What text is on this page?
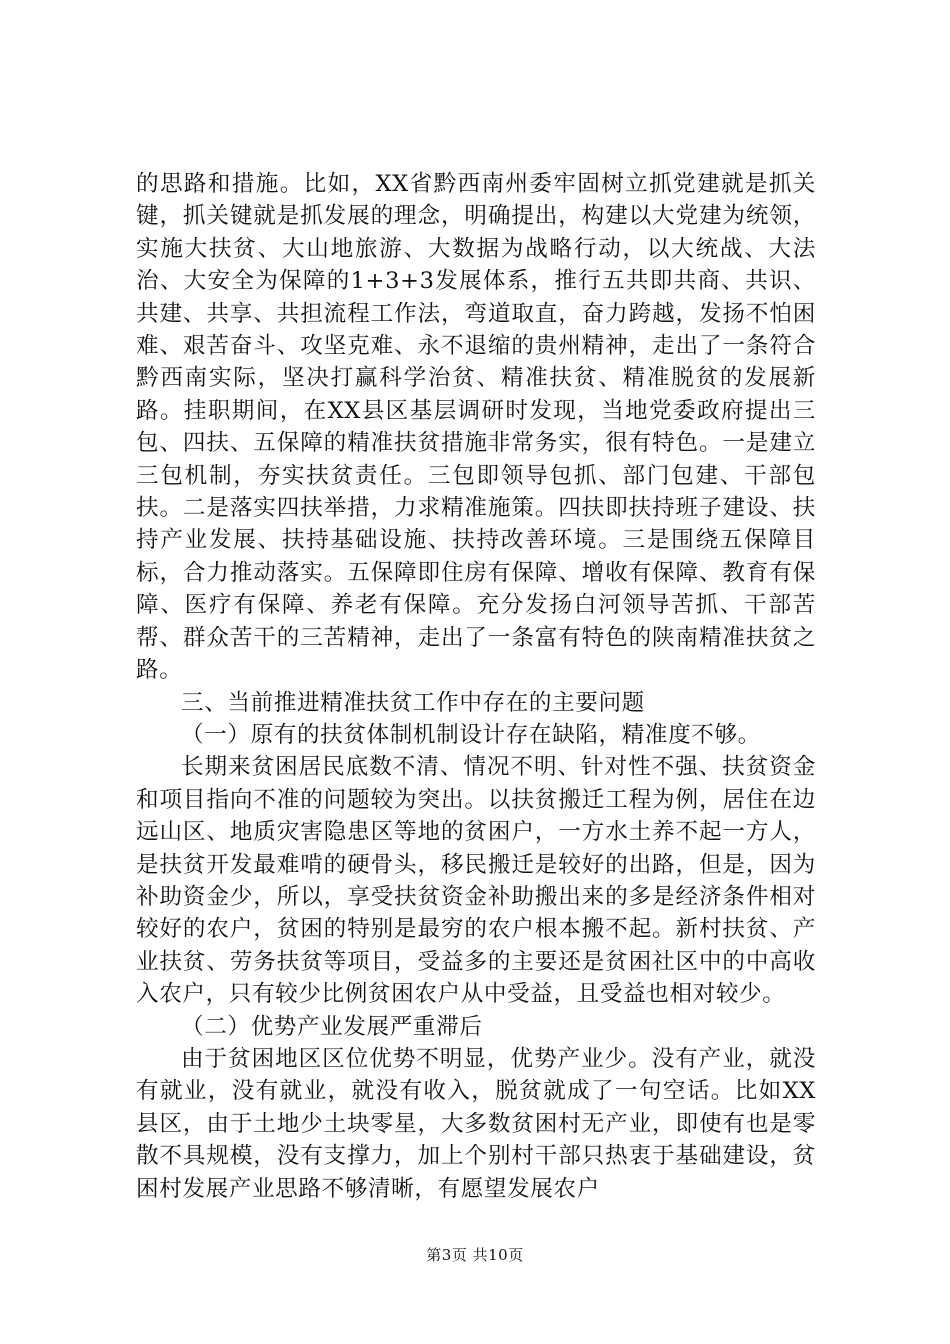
的思路和措施。比如，XX省黔西南州委牢固树立抓党建就是抓关键，抓关键就是抓发展的理念，明确提出，构建以大党建为统领，实施大扶贫、大山地旅游、大数据为战略行动，以大统战、大法治、大安全为保障的1+3+3发展体系，推行五共即共商、共识、共建、共享、共担流程工作法，弯道取直，奋力跨越，发扬不怕困难、艰苦奋斗、攻坚克难、永不退缩的贵州精神，走出了一条符合黔西南实际，坚决打赢科学治贫、精准扶贫、精准脱贫的发展新路。挂职期间，在XX县区基层调研时发现，当地党委政府提出三包、四扶、五保障的精准扶贫措施非常务实，很有特色。一是建立三包机制，夯实扶贫责任。三包即领导包抓、部门包建、干部包扶。二是落实四扶举措，力求精准施策。四扶即扶持班子建设、扶持产业发展、扶持基础设施、扶持改善环境。三是围绕五保障目标，合力推动落实。五保障即住房有保障、增收有保障、教育有保障、医疗有保障、养老有保障。充分发扬白河领导苦抓、干部苦帮、群众苦干的三苦精神，走出了一条富有特色的陕南精准扶贫之路。

三、当前推进精准扶贫工作中存在的主要问题

（一）原有的扶贫体制机制设计存在缺陷，精准度不够。

长期来贫困居民底数不清、情况不明、针对性不强、扶贫资金和项目指向不准的问题较为突出。以扶贫搬迁工程为例，居住在边远山区、地质灾害隐患区等地的贫困户，一方水土养不起一方人，是扶贫开发最难啃的硬骨头，移民搬迁是较好的出路，但是，因为补助资金少，所以，享受扶贫资金补助搬出来的多是经济条件相对较好的农户，贫困的特别是最穷的农户根本搬不起。新村扶贫、产业扶贫、劳务扶贫等项目，受益多的主要还是贫困社区中的中高收入农户，只有较少比例贫困农户从中受益，且受益也相对较少。

（二）优势产业发展严重滞后

由于贫困地区区位优势不明显，优势产业少。没有产业，就没有就业，没有就业，就没有收入，脱贫就成了一句空话。比如XX县区，由于土地少土块零星，大多数贫困村无产业，即使有也是零散不具规模，没有支撑力，加上个别村干部只热衷于基础建设，贫困村发展产业思路不够清晰，有愿望发展农户

第3页 共10页
